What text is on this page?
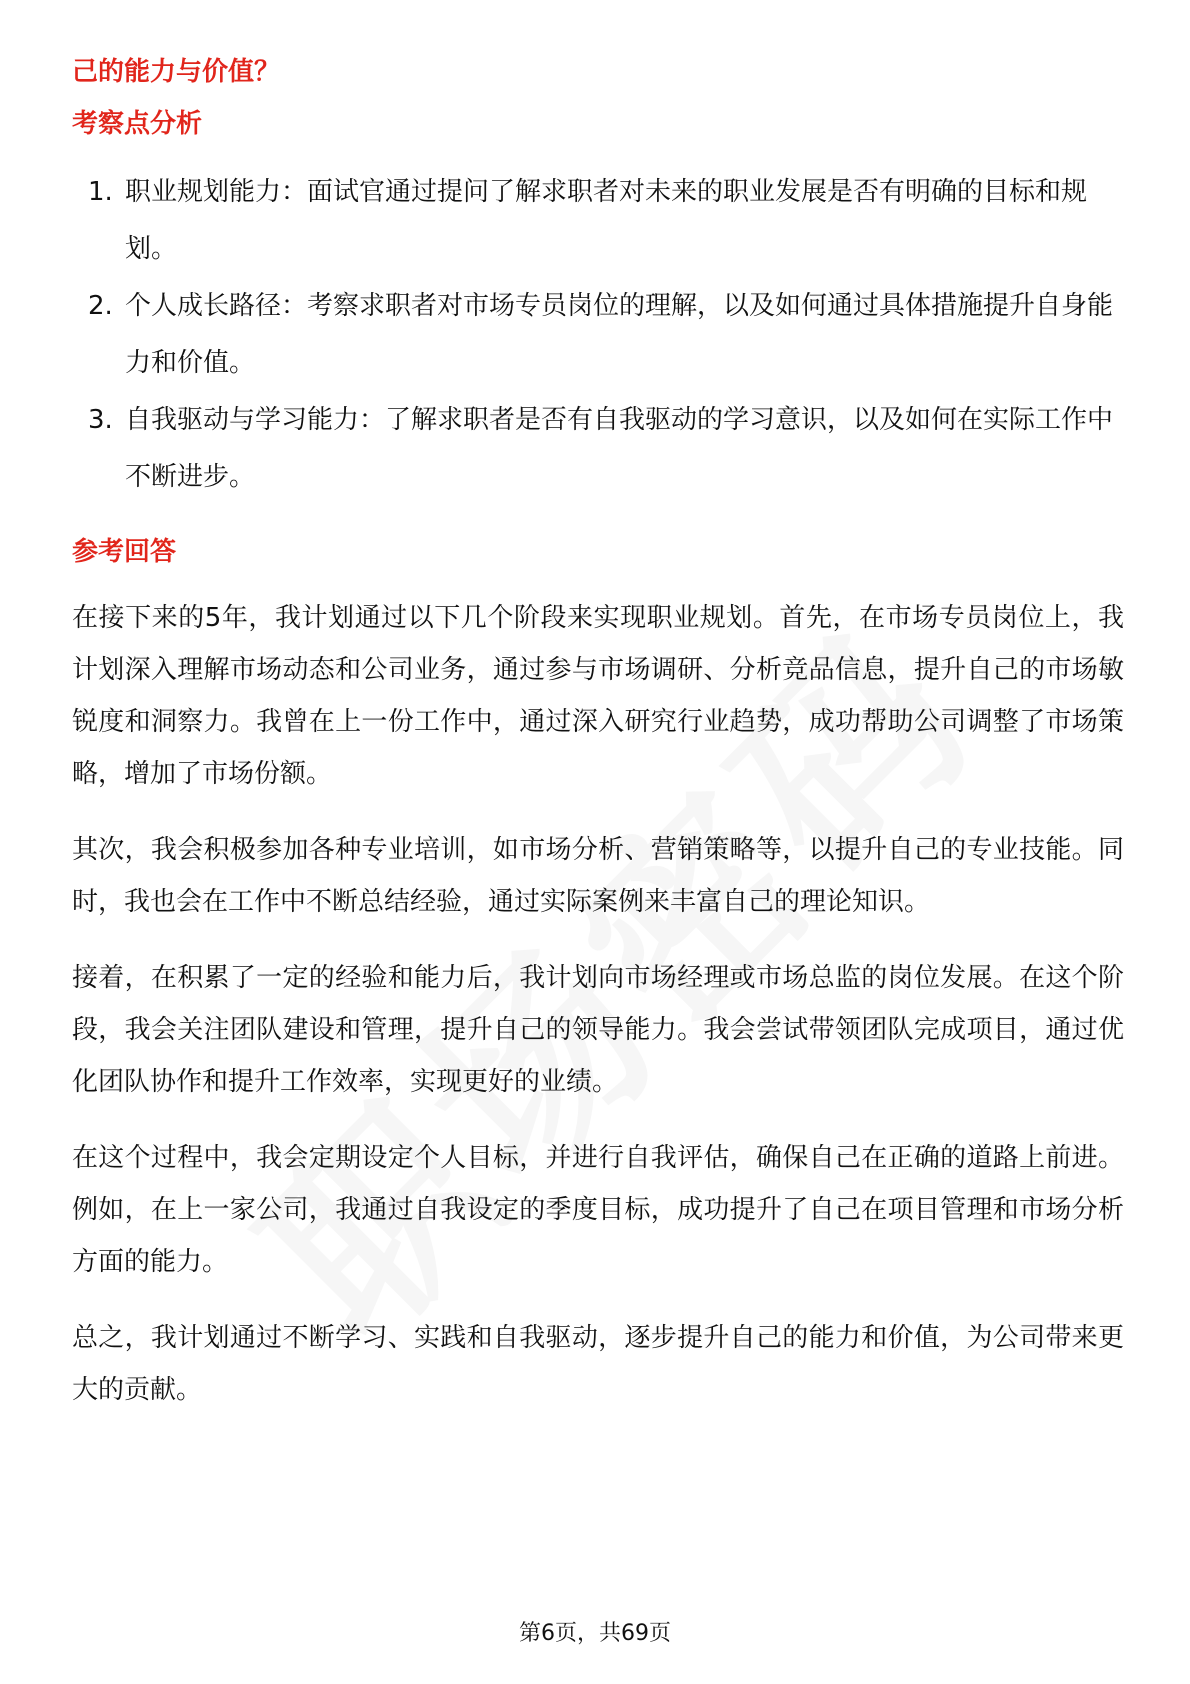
己的能力与价值？
考察点分析
1. 职业规划能力：面试官通过提问了解求职者对未来的职业发展是否有明确的目标和规划。
2. 个人成长路径：考察求职者对市场专员岗位的理解，以及如何通过具体措施提升自身能力和价值。
3. 自我驱动与学习能力：了解求职者是否有自我驱动的学习意识，以及如何在实际工作中不断进步。
参考回答

在接下来的5年，我计划通过以下几个阶段来实现职业规划。首先，在市场专员岗位上，我计划深入理解市场动态和公司业务，通过参与市场调研、分析竞品信息，提升自己的市场敏锐度和洞察力。我曾在上一份工作中，通过深入研究行业趋势，成功帮助公司调整了市场策略，增加了市场份额。

其次，我会积极参加各种专业培训，如市场分析、营销策略等，以提升自己的专业技能。同时，我也会在工作中不断总结经验，通过实际案例来丰富自己的理论知识。

接着，在积累了一定的经验和能力后，我计划向市场经理或市场总监的岗位发展。在这个阶段，我会关注团队建设和管理，提升自己的领导能力。我会尝试带领团队完成项目，通过优化团队协作和提升工作效率，实现更好的业绩。

在这个过程中，我会定期设定个人目标，并进行自我评估，确保自己在正确的道路上前进。例如，在上一家公司，我通过自我设定的季度目标，成功提升了自己在项目管理和市场分析方面的能力。

总之，我计划通过不断学习、实践和自我驱动，逐步提升自己的能力和价值，为公司带来更大的贡献。

第6页，共69页
